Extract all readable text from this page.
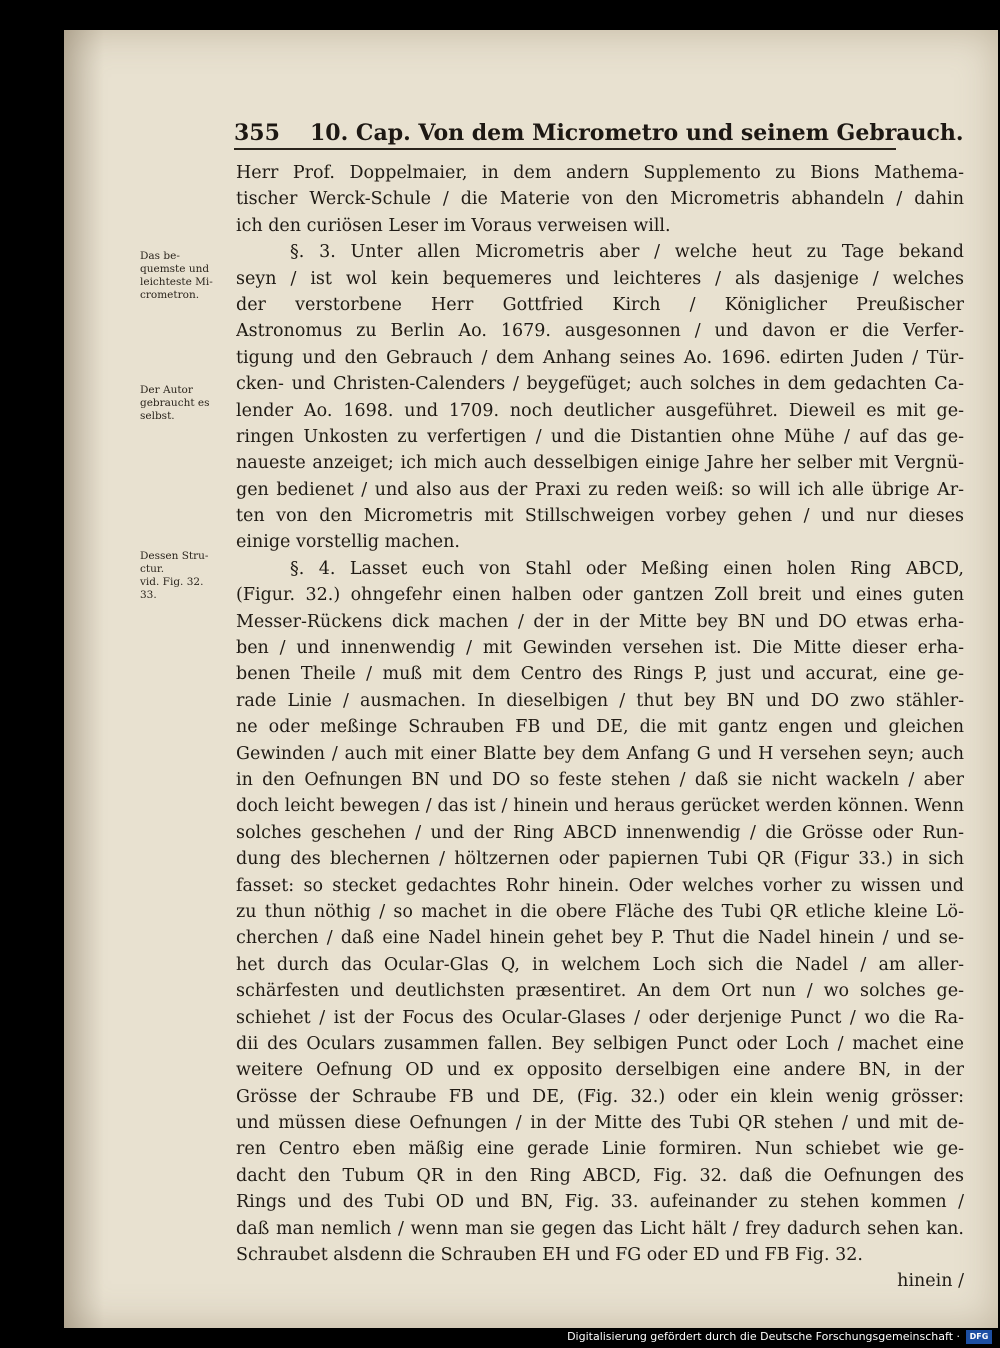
355 10. Cap. Von dem Micrometro und seinem Gebrauch.
Das be-
quemste und
leichteste Mi-
crometron.
Der Autor
gebraucht es
selbst.
Dessen Stru-
ctur.
vid. Fig. 32.
33.
Herr Prof. Doppelmaier, in dem andern Supplemento zu Bions Mathema-
tischer Werck-Schule / die Materie von den Micrometris abhandeln / dahin
ich den curiösen Leser im Voraus verweisen will.
§. 3. Unter allen Micrometris aber / welche heut zu Tage bekand
seyn / ist wol kein bequemeres und leichteres / als dasjenige / welches
der verstorbene Herr Gottfried Kirch / Königlicher Preußischer
Astronomus zu Berlin Ao. 1679. ausgesonnen / und davon er die Verfer-
tigung und den Gebrauch / dem Anhang seines Ao. 1696. edirten Juden / Tür-
cken- und Christen-Calenders / beygefüget; auch solches in dem gedachten Ca-
lender Ao. 1698. und 1709. noch deutlicher ausgeführet. Dieweil es mit ge-
ringen Unkosten zu verfertigen / und die Distantien ohne Mühe / auf das ge-
naueste anzeiget; ich mich auch desselbigen einige Jahre her selber mit Vergnü-
gen bedienet / und also aus der Praxi zu reden weiß: so will ich alle übrige Ar-
ten von den Micrometris mit Stillschweigen vorbey gehen / und nur dieses
einige vorstellig machen.
§. 4. Lasset euch von Stahl oder Meßing einen holen Ring ABCD,
(Figur. 32.) ohngefehr einen halben oder gantzen Zoll breit und eines guten
Messer-Rückens dick machen / der in der Mitte bey BN und DO etwas erha-
ben / und innenwendig / mit Gewinden versehen ist. Die Mitte dieser erha-
benen Theile / muß mit dem Centro des Rings P, just und accurat, eine ge-
rade Linie / ausmachen. In dieselbigen / thut bey BN und DO zwo stähler-
ne oder meßinge Schrauben FB und DE, die mit gantz engen und gleichen
Gewinden / auch mit einer Blatte bey dem Anfang G und H versehen seyn; auch
in den Oefnungen BN und DO so feste stehen / daß sie nicht wackeln / aber
doch leicht bewegen / das ist / hinein und heraus gerücket werden können. Wenn
solches geschehen / und der Ring ABCD innenwendig / die Grösse oder Run-
dung des blechernen / höltzernen oder papiernen Tubi QR (Figur 33.) in sich
fasset: so stecket gedachtes Rohr hinein. Oder welches vorher zu wissen und
zu thun nöthig / so machet in die obere Fläche des Tubi QR etliche kleine Lö-
cherchen / daß eine Nadel hinein gehet bey P. Thut die Nadel hinein / und se-
het durch das Ocular-Glas Q, in welchem Loch sich die Nadel / am aller-
schärfesten und deutlichsten præsentiret. An dem Ort nun / wo solches ge-
schiehet / ist der Focus des Ocular-Glases / oder derjenige Punct / wo die Ra-
dii des Oculars zusammen fallen. Bey selbigen Punct oder Loch / machet eine
weitere Oefnung OD und ex opposito derselbigen eine andere BN, in der
Grösse der Schraube FB und DE, (Fig. 32.) oder ein klein wenig grösser:
und müssen diese Oefnungen / in der Mitte des Tubi QR stehen / und mit de-
ren Centro eben mäßig eine gerade Linie formiren. Nun schiebet wie ge-
dacht den Tubum QR in den Ring ABCD, Fig. 32. daß die Oefnungen des
Rings und des Tubi OD und BN, Fig. 33. aufeinander zu stehen kommen /
daß man nemlich / wenn man sie gegen das Licht hält / frey dadurch sehen kan.
Schraubet alsdenn die Schrauben EH und FG oder ED und FB Fig. 32.
hinein /
Digitalisierung gefördert durch die Deutsche Forschungsgemeinschaft ·	DFG
